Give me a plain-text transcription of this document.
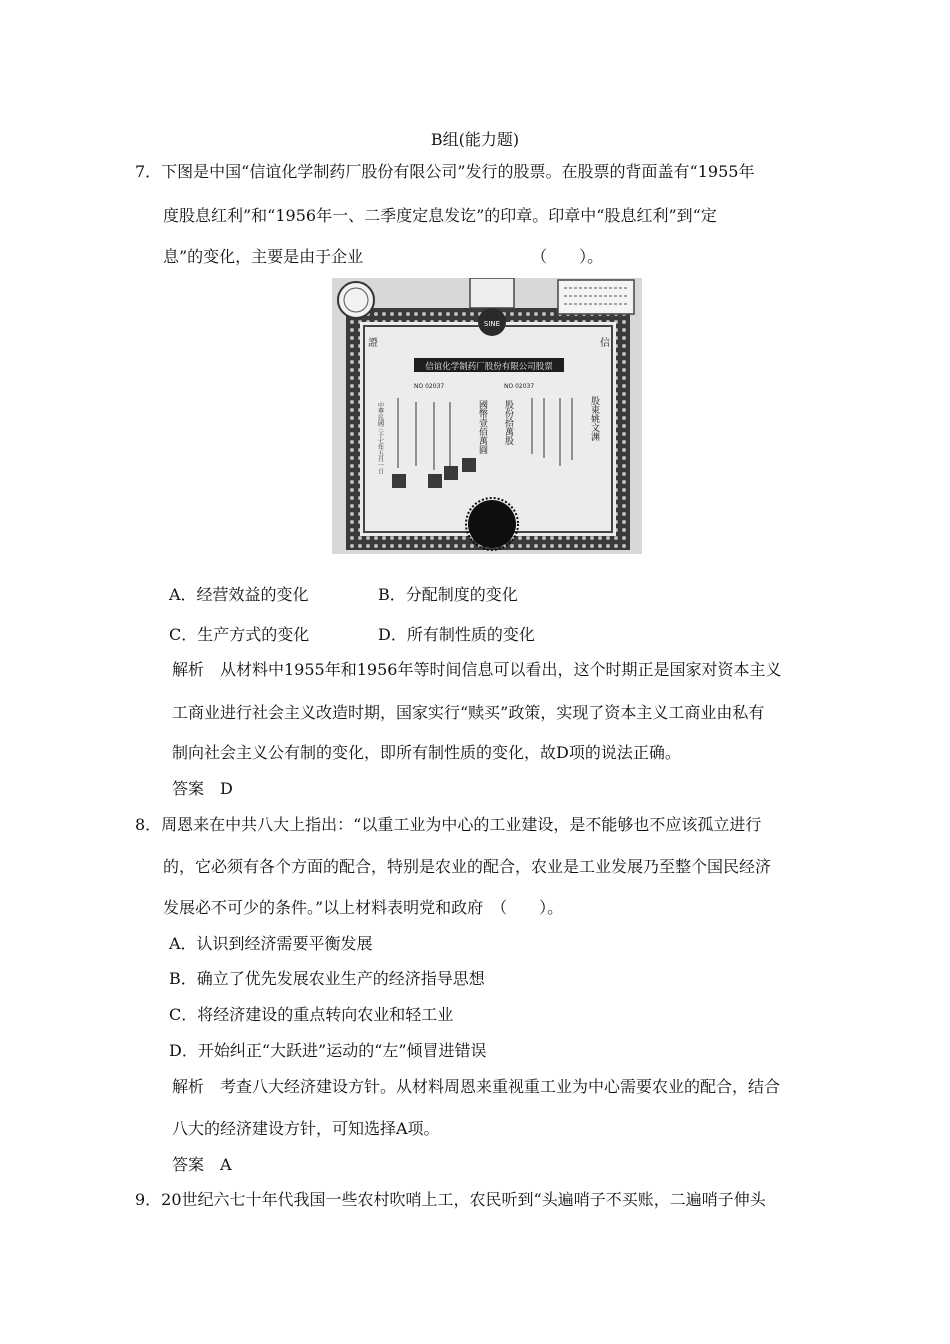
B组(能力题)
7．下图是中国“信谊化学制药厂股份有限公司”发行的股票。在股票的背面盖有“1955年
度股息红利”和“1956年一、二季度定息发讫”的印章。印章中“股息红利”到“定
息”的变化，主要是由于企业　　　　　　　　　　　（　　）。
SINE
證	信
信谊化学制药厂股份有限公司股票
NO 02037	NO 02037
股東姚文渊
股份拾萬股
國幣壹佰萬圓
中華民國三十七年五月一日
A．经营效益的变化	B．分配制度的变化
C．生产方式的变化	D．所有制性质的变化
解析　从材料中1955年和1956年等时间信息可以看出，这个时期正是国家对资本主义
工商业进行社会主义改造时期，国家实行“赎买”政策，实现了资本主义工商业由私有
制向社会主义公有制的变化，即所有制性质的变化，故D项的说法正确。
答案　D
8．周恩来在中共八大上指出：“以重工业为中心的工业建设，是不能够也不应该孤立进行
的，它必须有各个方面的配合，特别是农业的配合，农业是工业发展乃至整个国民经济
发展必不可少的条件。”以上材料表明党和政府　（　　）。
A．认识到经济需要平衡发展
B．确立了优先发展农业生产的经济指导思想
C．将经济建设的重点转向农业和轻工业
D．开始纠正“大跃进”运动的“左”倾冒进错误
解析　考查八大经济建设方针。从材料周恩来重视重工业为中心需要农业的配合，结合
八大的经济建设方针，可知选择A项。
答案　A
9．20世纪六七十年代我国一些农村吹哨上工，农民听到“头遍哨子不买账，二遍哨子伸头
